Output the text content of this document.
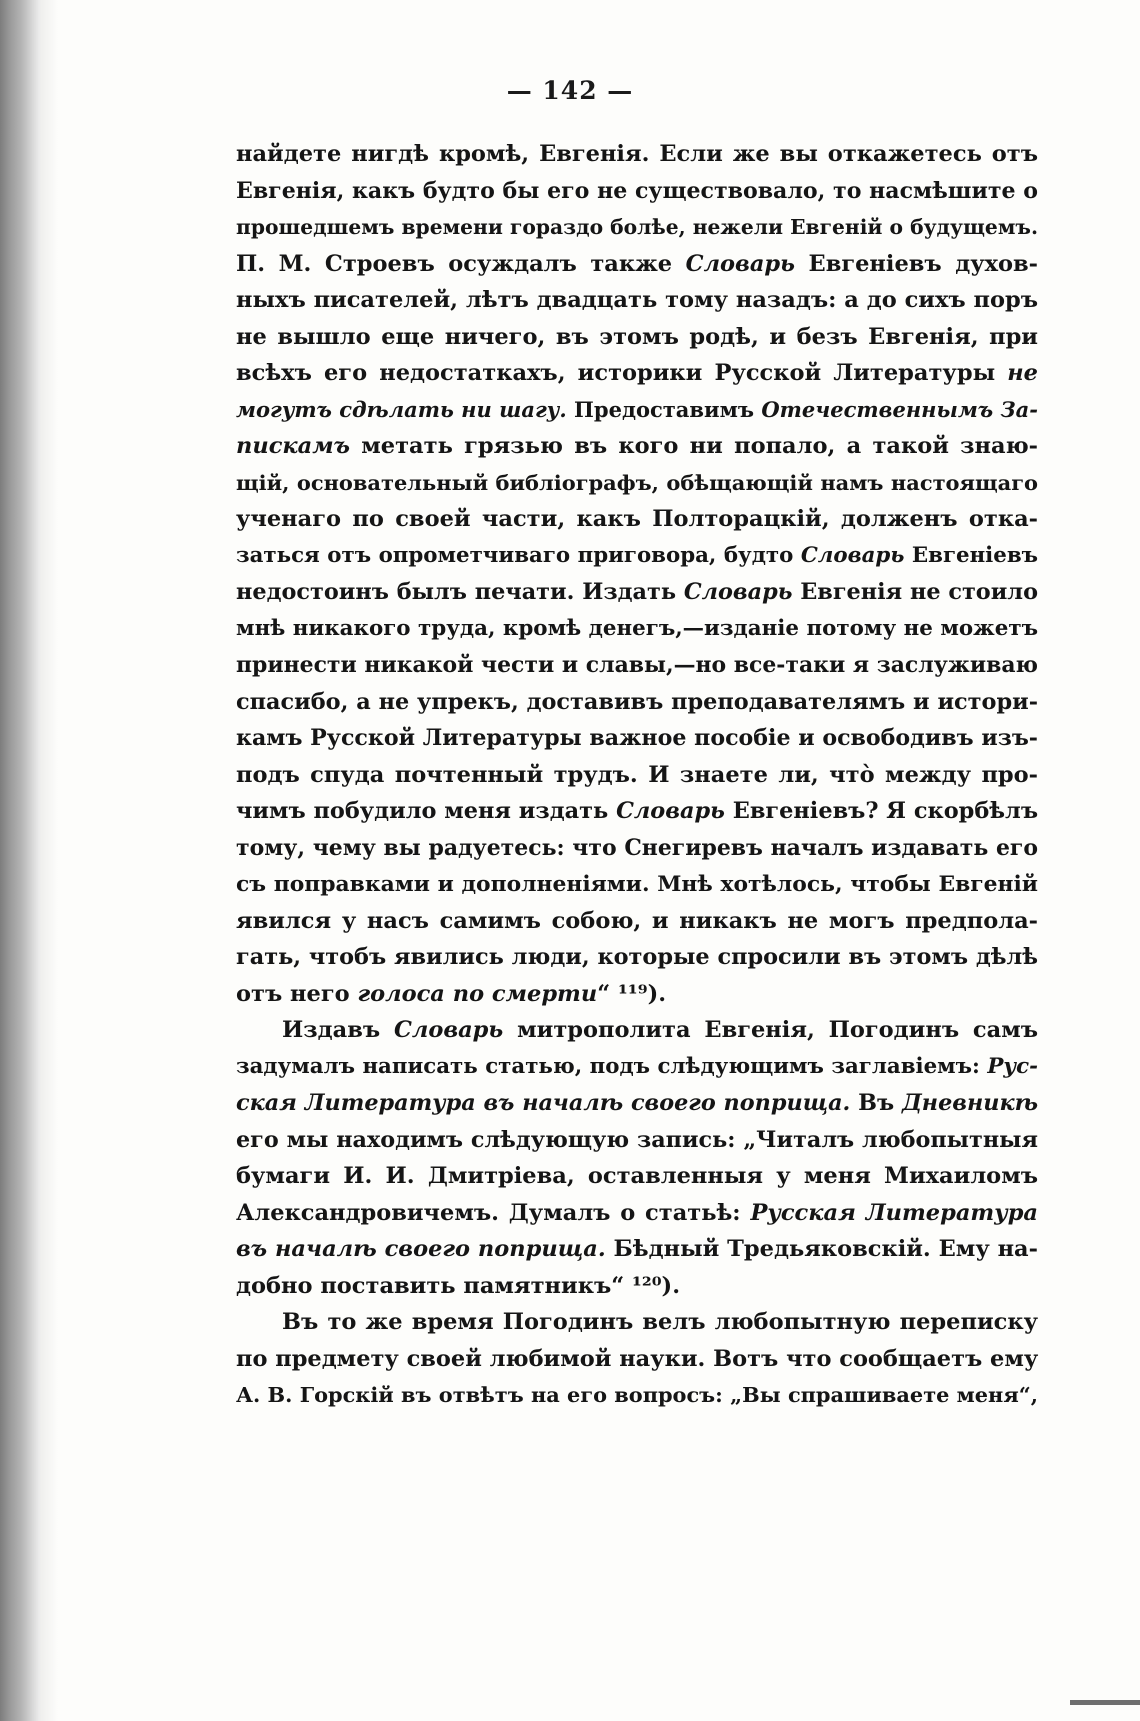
— 142 —
найдете нигдѣ кромѣ, Евгенія. Если же вы откажетесь отъ
Евгенія, какъ будто бы его не существовало, то насмѣшите о
прошедшемъ времени гораздо болѣе, нежели Евгеній о будущемъ.
П. М. Строевъ осуждалъ также Словарь Евгеніевъ духов-
ныхъ писателей, лѣтъ двадцать тому назадъ: а до сихъ поръ
не вышло еще ничего, въ этомъ родѣ, и безъ Евгенія, при
всѣхъ его недостаткахъ, историки Русской Литературы не
могутъ сдѣлать ни шагу. Предоставимъ Отечественнымъ За-
пискамъ метать грязью въ кого ни попало, а такой знаю-
щій, основательный библіографъ, обѣщающій намъ настоящаго
ученаго по своей части, какъ Полторацкій, долженъ отка-
заться отъ опрометчиваго приговора, будто Словарь Евгеніевъ
недостоинъ былъ печати. Издать Словарь Евгенія не стоило
мнѣ никакого труда, кромѣ денегъ,—изданіе потому не можетъ
принести никакой чести и славы,—но все-таки я заслуживаю
спасибо, а не упрекъ, доставивъ преподавателямъ и истори-
камъ Русской Литературы важное пособіе и освободивъ изъ-
подъ спуда почтенный трудъ. И знаете ли, что̀ между про-
чимъ побудило меня издать Словарь Евгеніевъ? Я скорбѣлъ
тому, чему вы радуетесь: что Снегиревъ началъ издавать его
съ поправками и дополненіями. Мнѣ хотѣлось, чтобы Евгеній
явился у насъ самимъ собою, и никакъ не могъ предпола-
гать, чтобъ явились люди, которые спросили въ этомъ дѣлѣ
отъ него голоса по смерти“ ¹¹⁹).
Издавъ Словарь митрополита Евгенія, Погодинъ самъ
задумалъ написать статью, подъ слѣдующимъ заглавіемъ: Рус-
ская Литература въ началѣ своего поприща. Въ Дневникѣ
его мы находимъ слѣдующую запись: „Читалъ любопытныя
бумаги И. И. Дмитріева, оставленныя у меня Михаиломъ
Александровичемъ. Думалъ о статьѣ: Русская Литература
въ началѣ своего поприща. Бѣдный Тредьяковскій. Ему на-
добно поставить памятникъ“ ¹²⁰).
Въ то же время Погодинъ велъ любопытную переписку
по предмету своей любимой науки. Вотъ что сообщаетъ ему
А. В. Горскій въ отвѣтъ на его вопросъ: „Вы спрашиваете меня“,
